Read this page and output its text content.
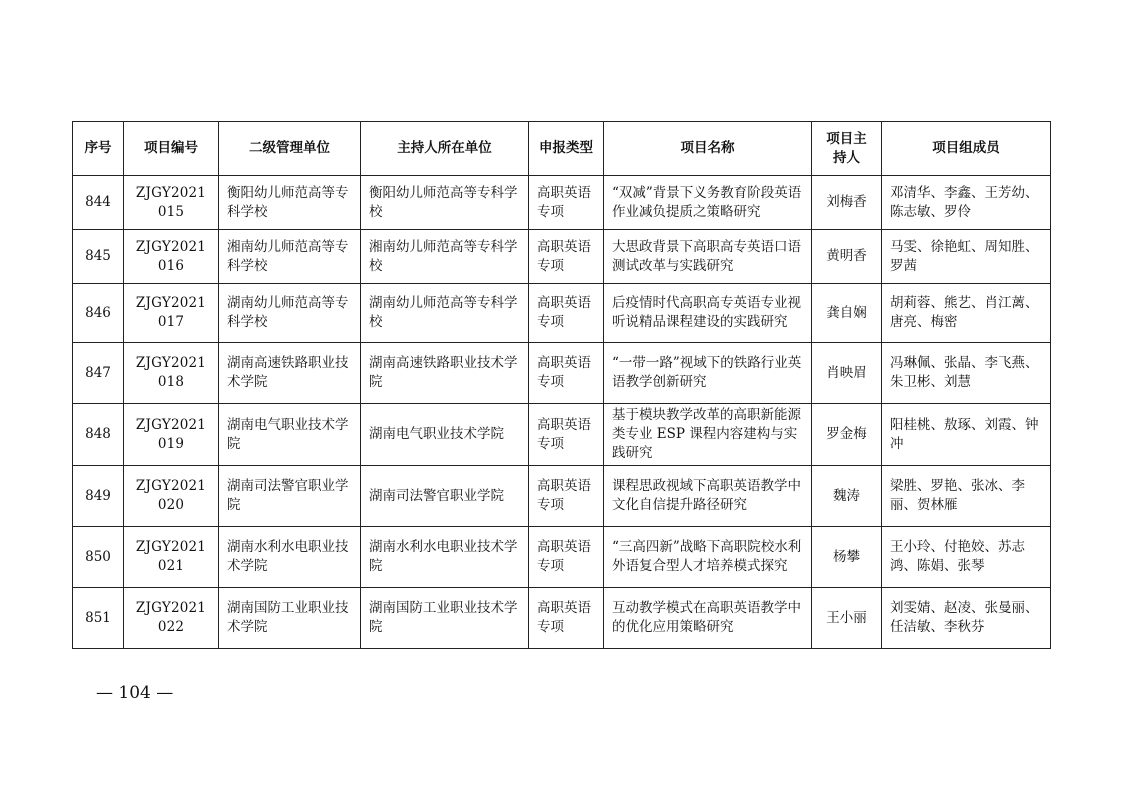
序号	项目编号	二级管理单位	主持人所在单位	申报类型	项目名称	项目主持人	项目组成员
844	ZJGY2021015	衡阳幼儿师范高等专科学校	衡阳幼儿师范高等专科学校	高职英语专项	“双减”背景下义务教育阶段英语作业减负提质之策略研究	刘梅香	邓清华、李鑫、王芳幼、陈志敏、罗伶
845	ZJGY2021016	湘南幼儿师范高等专科学校	湘南幼儿师范高等专科学校	高职英语专项	大思政背景下高职高专英语口语测试改革与实践研究	黄明香	马雯、徐艳虹、周知胜、罗茜
846	ZJGY2021017	湖南幼儿师范高等专科学校	湖南幼儿师范高等专科学校	高职英语专项	后疫情时代高职高专英语专业视听说精品课程建设的实践研究	龚自娴	胡莉蓉、熊艺、肖江蓠、唐亮、梅密
847	ZJGY2021018	湖南高速铁路职业技术学院	湖南高速铁路职业技术学院	高职英语专项	“一带一路”视域下的铁路行业英语教学创新研究	肖映眉	冯琳佩、张晶、李飞燕、朱卫彬、刘慧
848	ZJGY2021019	湖南电气职业技术学院	湖南电气职业技术学院	高职英语专项	基于模块教学改革的高职新能源类专业 ESP 课程内容建构与实践研究	罗金梅	阳桂桃、敖琢、刘霞、钟冲
849	ZJGY2021020	湖南司法警官职业学院	湖南司法警官职业学院	高职英语专项	课程思政视域下高职英语教学中文化自信提升路径研究	魏涛	梁胜、罗艳、张冰、李丽、贺林雁
850	ZJGY2021021	湖南水利水电职业技术学院	湖南水利水电职业技术学院	高职英语专项	“三高四新”战略下高职院校水利外语复合型人才培养模式探究	杨攀	王小玲、付艳姣、苏志鸿、陈娟、张琴
851	ZJGY2021022	湖南国防工业职业技术学院	湖南国防工业职业技术学院	高职英语专项	互动教学模式在高职英语教学中的优化应用策略研究	王小丽	刘雯婧、赵凌、张曼丽、任洁敏、李秋芬
— 104 —
